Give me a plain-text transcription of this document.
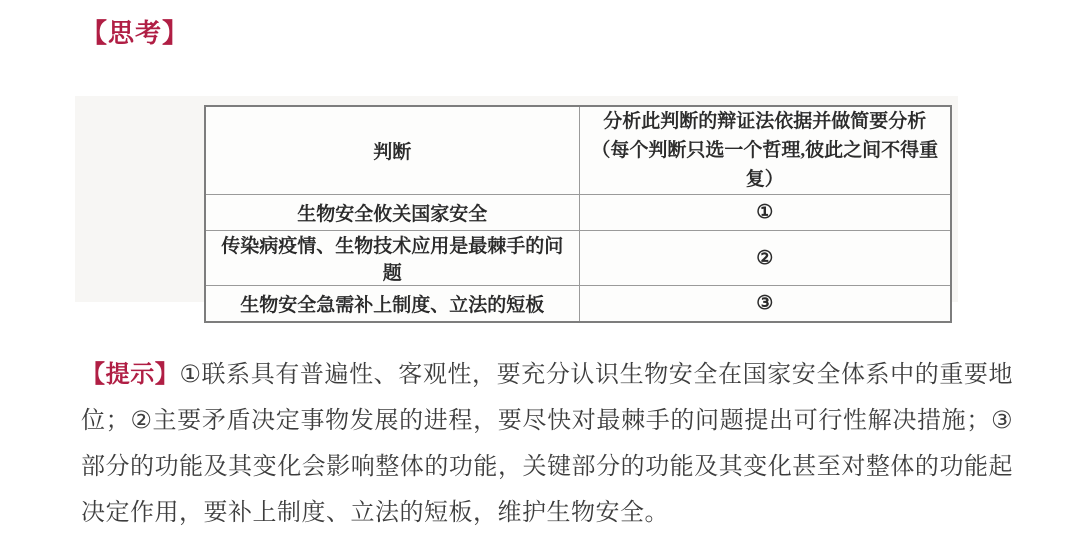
【思考】
判断	分析此判断的辩证法依据并做简要分析
（每个判断只选一个哲理,彼此之间不得重复）

生物安全攸关国家安全	①
传染病疫情、生物技术应用是最棘手的问题	②
生物安全急需补上制度、立法的短板	③
【提示】①联系具有普遍性、客观性，要充分认识生物安全在国家安全体系中的重要地位；②主要矛盾决定事物发展的进程，要尽快对最棘手的问题提出可行性解决措施；③部分的功能及其变化会影响整体的功能，关键部分的功能及其变化甚至对整体的功能起决定作用，要补上制度、立法的短板，维护生物安全。
